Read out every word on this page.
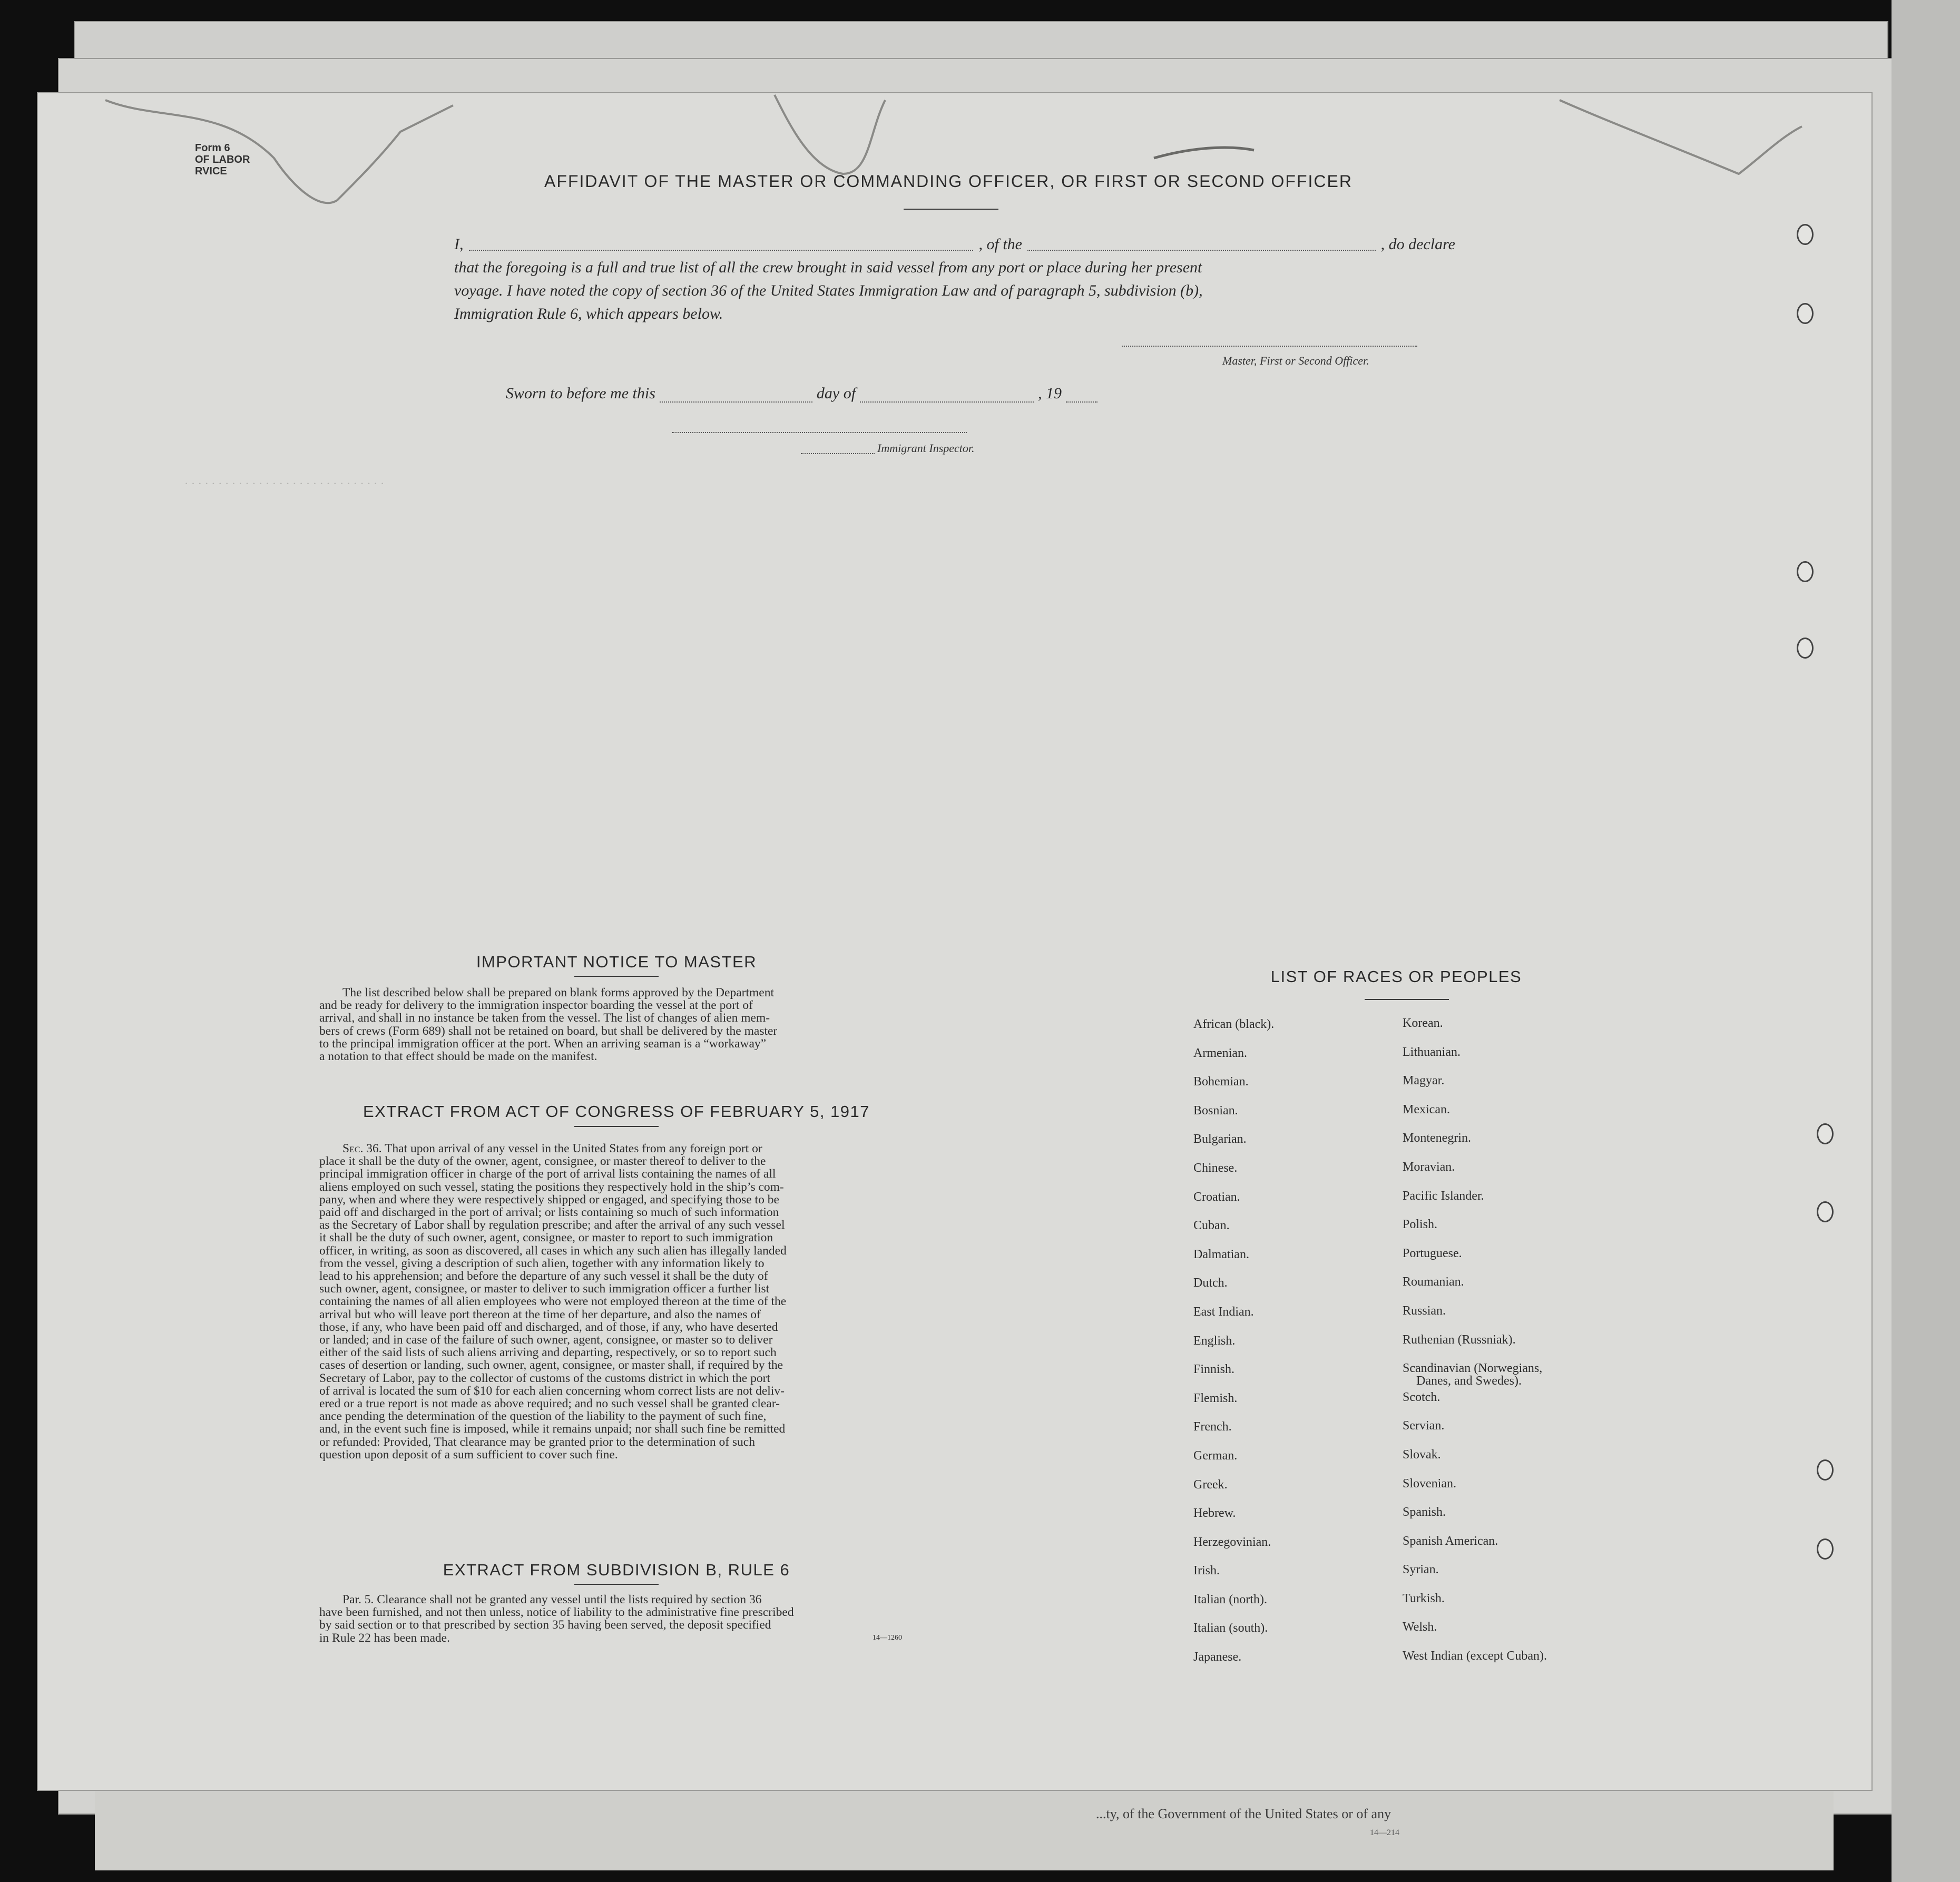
...ty, of the Government of the United States or of any
14—214
Form 6
OF LABOR
RVICE
AFFIDAVIT OF THE MASTER OR COMMANDING OFFICER, OR FIRST OR SECOND OFFICER
I,	, of the	, do declare
that the foregoing is a full and true list of all the crew brought in said vessel from any port or place during her present
voyage. I have noted the copy of section 36 of the United States Immigration Law and of paragraph 5, subdivision (b),
Immigration Rule 6, which appears below.
Master, First or Second Officer.
Sworn to before me this	day of	, 19
Immigrant Inspector.
· · · · · · · · · · · · · · · · · · · · · · · · · · · · · ·
IMPORTANT NOTICE TO MASTER
The list described below shall be prepared on blank forms approved by the Department
and be ready for delivery to the immigration inspector boarding the vessel at the port of
arrival, and shall in no instance be taken from the vessel. The list of changes of alien mem-
bers of crews (Form 689) shall not be retained on board, but shall be delivered by the master
to the principal immigration officer at the port. When an arriving seaman is a “workaway”
a notation to that effect should be made on the manifest.
EXTRACT FROM ACT OF CONGRESS OF FEBRUARY 5, 1917
Sec. 36. That upon arrival of any vessel in the United States from any foreign port or
place it shall be the duty of the owner, agent, consignee, or master thereof to deliver to the
principal immigration officer in charge of the port of arrival lists containing the names of all
aliens employed on such vessel, stating the positions they respectively hold in the ship’s com-
pany, when and where they were respectively shipped or engaged, and specifying those to be
paid off and discharged in the port of arrival; or lists containing so much of such information
as the Secretary of Labor shall by regulation prescribe; and after the arrival of any such vessel
it shall be the duty of such owner, agent, consignee, or master to report to such immigration
officer, in writing, as soon as discovered, all cases in which any such alien has illegally landed
from the vessel, giving a description of such alien, together with any information likely to
lead to his apprehension; and before the departure of any such vessel it shall be the duty of
such owner, agent, consignee, or master to deliver to such immigration officer a further list
containing the names of all alien employees who were not employed thereon at the time of the
arrival but who will leave port thereon at the time of her departure, and also the names of
those, if any, who have been paid off and discharged, and of those, if any, who have deserted
or landed; and in case of the failure of such owner, agent, consignee, or master so to deliver
either of the said lists of such aliens arriving and departing, respectively, or so to report such
cases of desertion or landing, such owner, agent, consignee, or master shall, if required by the
Secretary of Labor, pay to the collector of customs of the customs district in which the port
of arrival is located the sum of $10 for each alien concerning whom correct lists are not deliv-
ered or a true report is not made as above required; and no such vessel shall be granted clear-
ance pending the determination of the question of the liability to the payment of such fine,
and, in the event such fine is imposed, while it remains unpaid; nor shall such fine be remitted
or refunded: Provided, That clearance may be granted prior to the determination of such
question upon deposit of a sum sufficient to cover such fine.
EXTRACT FROM SUBDIVISION B, RULE 6
Par. 5. Clearance shall not be granted any vessel until the lists required by section 36
have been furnished, and not then unless, notice of liability to the administrative fine prescribed
by said section or to that prescribed by section 35 having been served, the deposit specified
in Rule 22 has been made.	14—1260
LIST OF RACES OR PEOPLES
African (black).
Armenian.
Bohemian.
Bosnian.
Bulgarian.
Chinese.
Croatian.
Cuban.
Dalmatian.
Dutch.
East Indian.
English.
Finnish.
Flemish.
French.
German.
Greek.
Hebrew.
Herzegovinian.
Irish.
Italian (north).
Italian (south).
Japanese.
Korean.
Lithuanian.
Magyar.
Mexican.
Montenegrin.
Moravian.
Pacific Islander.
Polish.
Portuguese.
Roumanian.
Russian.
Ruthenian (Russniak).
Scandinavian (Norwegians,
Danes, and Swedes).
Scotch.
Servian.
Slovak.
Slovenian.
Spanish.
Spanish American.
Syrian.
Turkish.
Welsh.
West Indian (except Cuban).
